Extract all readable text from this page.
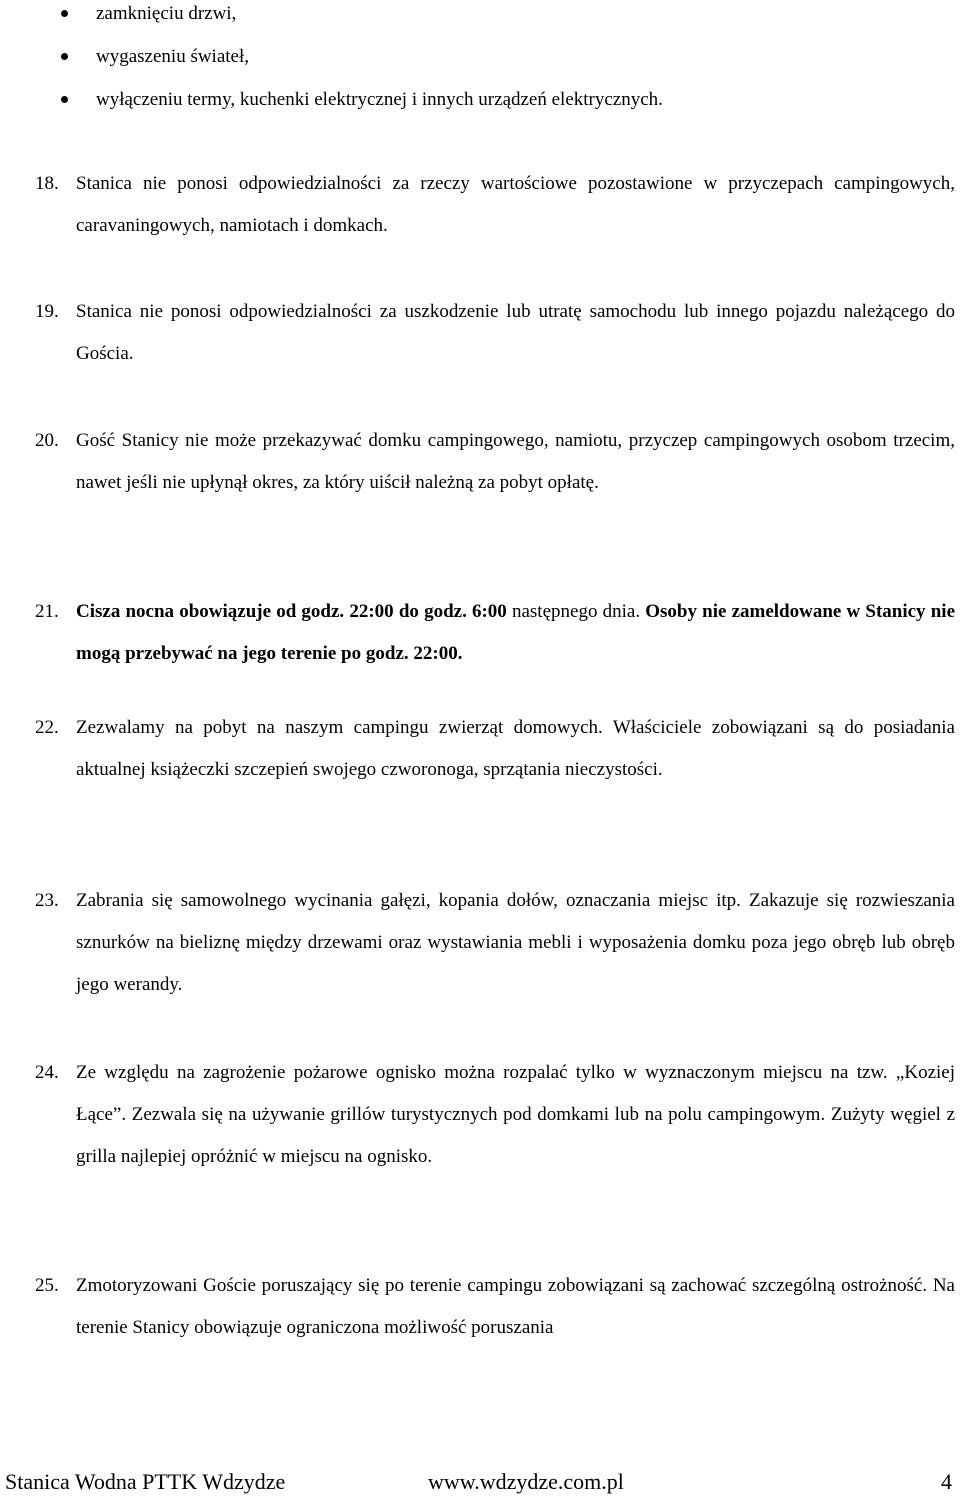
zamknięciu drzwi,
wygaszeniu świateł,
wyłączeniu termy, kuchenki elektrycznej i innych urządzeń elektrycznych.
18. Stanica nie ponosi odpowiedzialności za rzeczy wartościowe pozostawione w przyczepach campingowych, caravaningowych, namiotach i domkach.
19. Stanica nie ponosi odpowiedzialności za uszkodzenie lub utratę samochodu lub innego pojazdu należącego do Gościa.
20. Gość Stanicy nie może przekazywać domku campingowego, namiotu, przyczep campingowych osobom trzecim, nawet jeśli nie upłynął okres, za który uiścił należną za pobyt opłatę.
21. Cisza nocna obowiązuje od godz. 22:00 do godz. 6:00 następnego dnia. Osoby nie zameldowane w Stanicy nie mogą przebywać na jego terenie po godz. 22:00.
22. Zezwalamy na pobyt na naszym campingu zwierząt domowych. Właściciele zobowiązani są do posiadania aktualnej książeczki szczepień swojego czworonoga, sprzątania nieczystości.
23. Zabrania się samowolnego wycinania gałęzi, kopania dołów, oznaczania miejsc itp. Zakazuje się rozwieszania sznurków na bieliznę między drzewami oraz wystawiania mebli i wyposażenia domku poza jego obręb lub obręb jego werandy.
24. Ze względu na zagrożenie pożarowe ognisko można rozpalać tylko w wyznaczonym miejscu na tzw. „Koziej Łące”. Zezwala się na używanie grillów turystycznych pod domkami lub na polu campingowym. Zużyty węgiel z grilla najlepiej opróżnić w miejscu na ognisko.
25. Zmotoryzowani Goście poruszający się po terenie campingu zobowiązani są zachować szczególną ostrożność. Na terenie Stanicy obowiązuje ograniczona możliwość poruszania
Stanica Wodna PTTK Wdzydze	www.wdzydze.com.pl	4
